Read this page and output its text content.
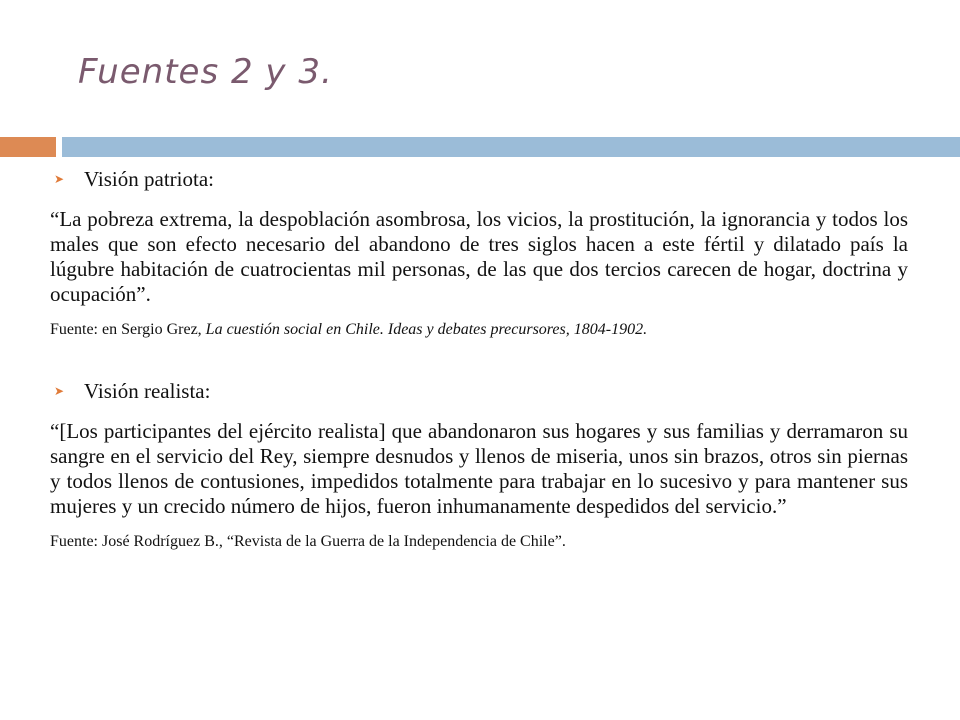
Fuentes 2 y 3.
➤ Visión patriota:
“La pobreza extrema, la despoblación asombrosa, los vicios, la prostitución, la ignorancia y todos los males que son efecto necesario del abandono de tres siglos hacen a este fértil y dilatado país la lúgubre habitación de cuatrocientas mil personas, de las que dos tercios carecen de hogar, doctrina y ocupación”.
Fuente: en Sergio Grez, La cuestión social en Chile. Ideas y debates precursores, 1804-1902.
➤ Visión realista:
“[Los participantes del ejército realista] que abandonaron sus hogares y sus familias y derramaron su sangre en el servicio del Rey, siempre desnudos y llenos de miseria, unos sin brazos, otros sin piernas y todos llenos de contusiones, impedidos totalmente para trabajar en lo sucesivo y para mantener sus mujeres y un crecido número de hijos, fueron inhumanamente despedidos del servicio.”
Fuente: José Rodríguez B., “Revista de la Guerra de la Independencia de Chile”.
